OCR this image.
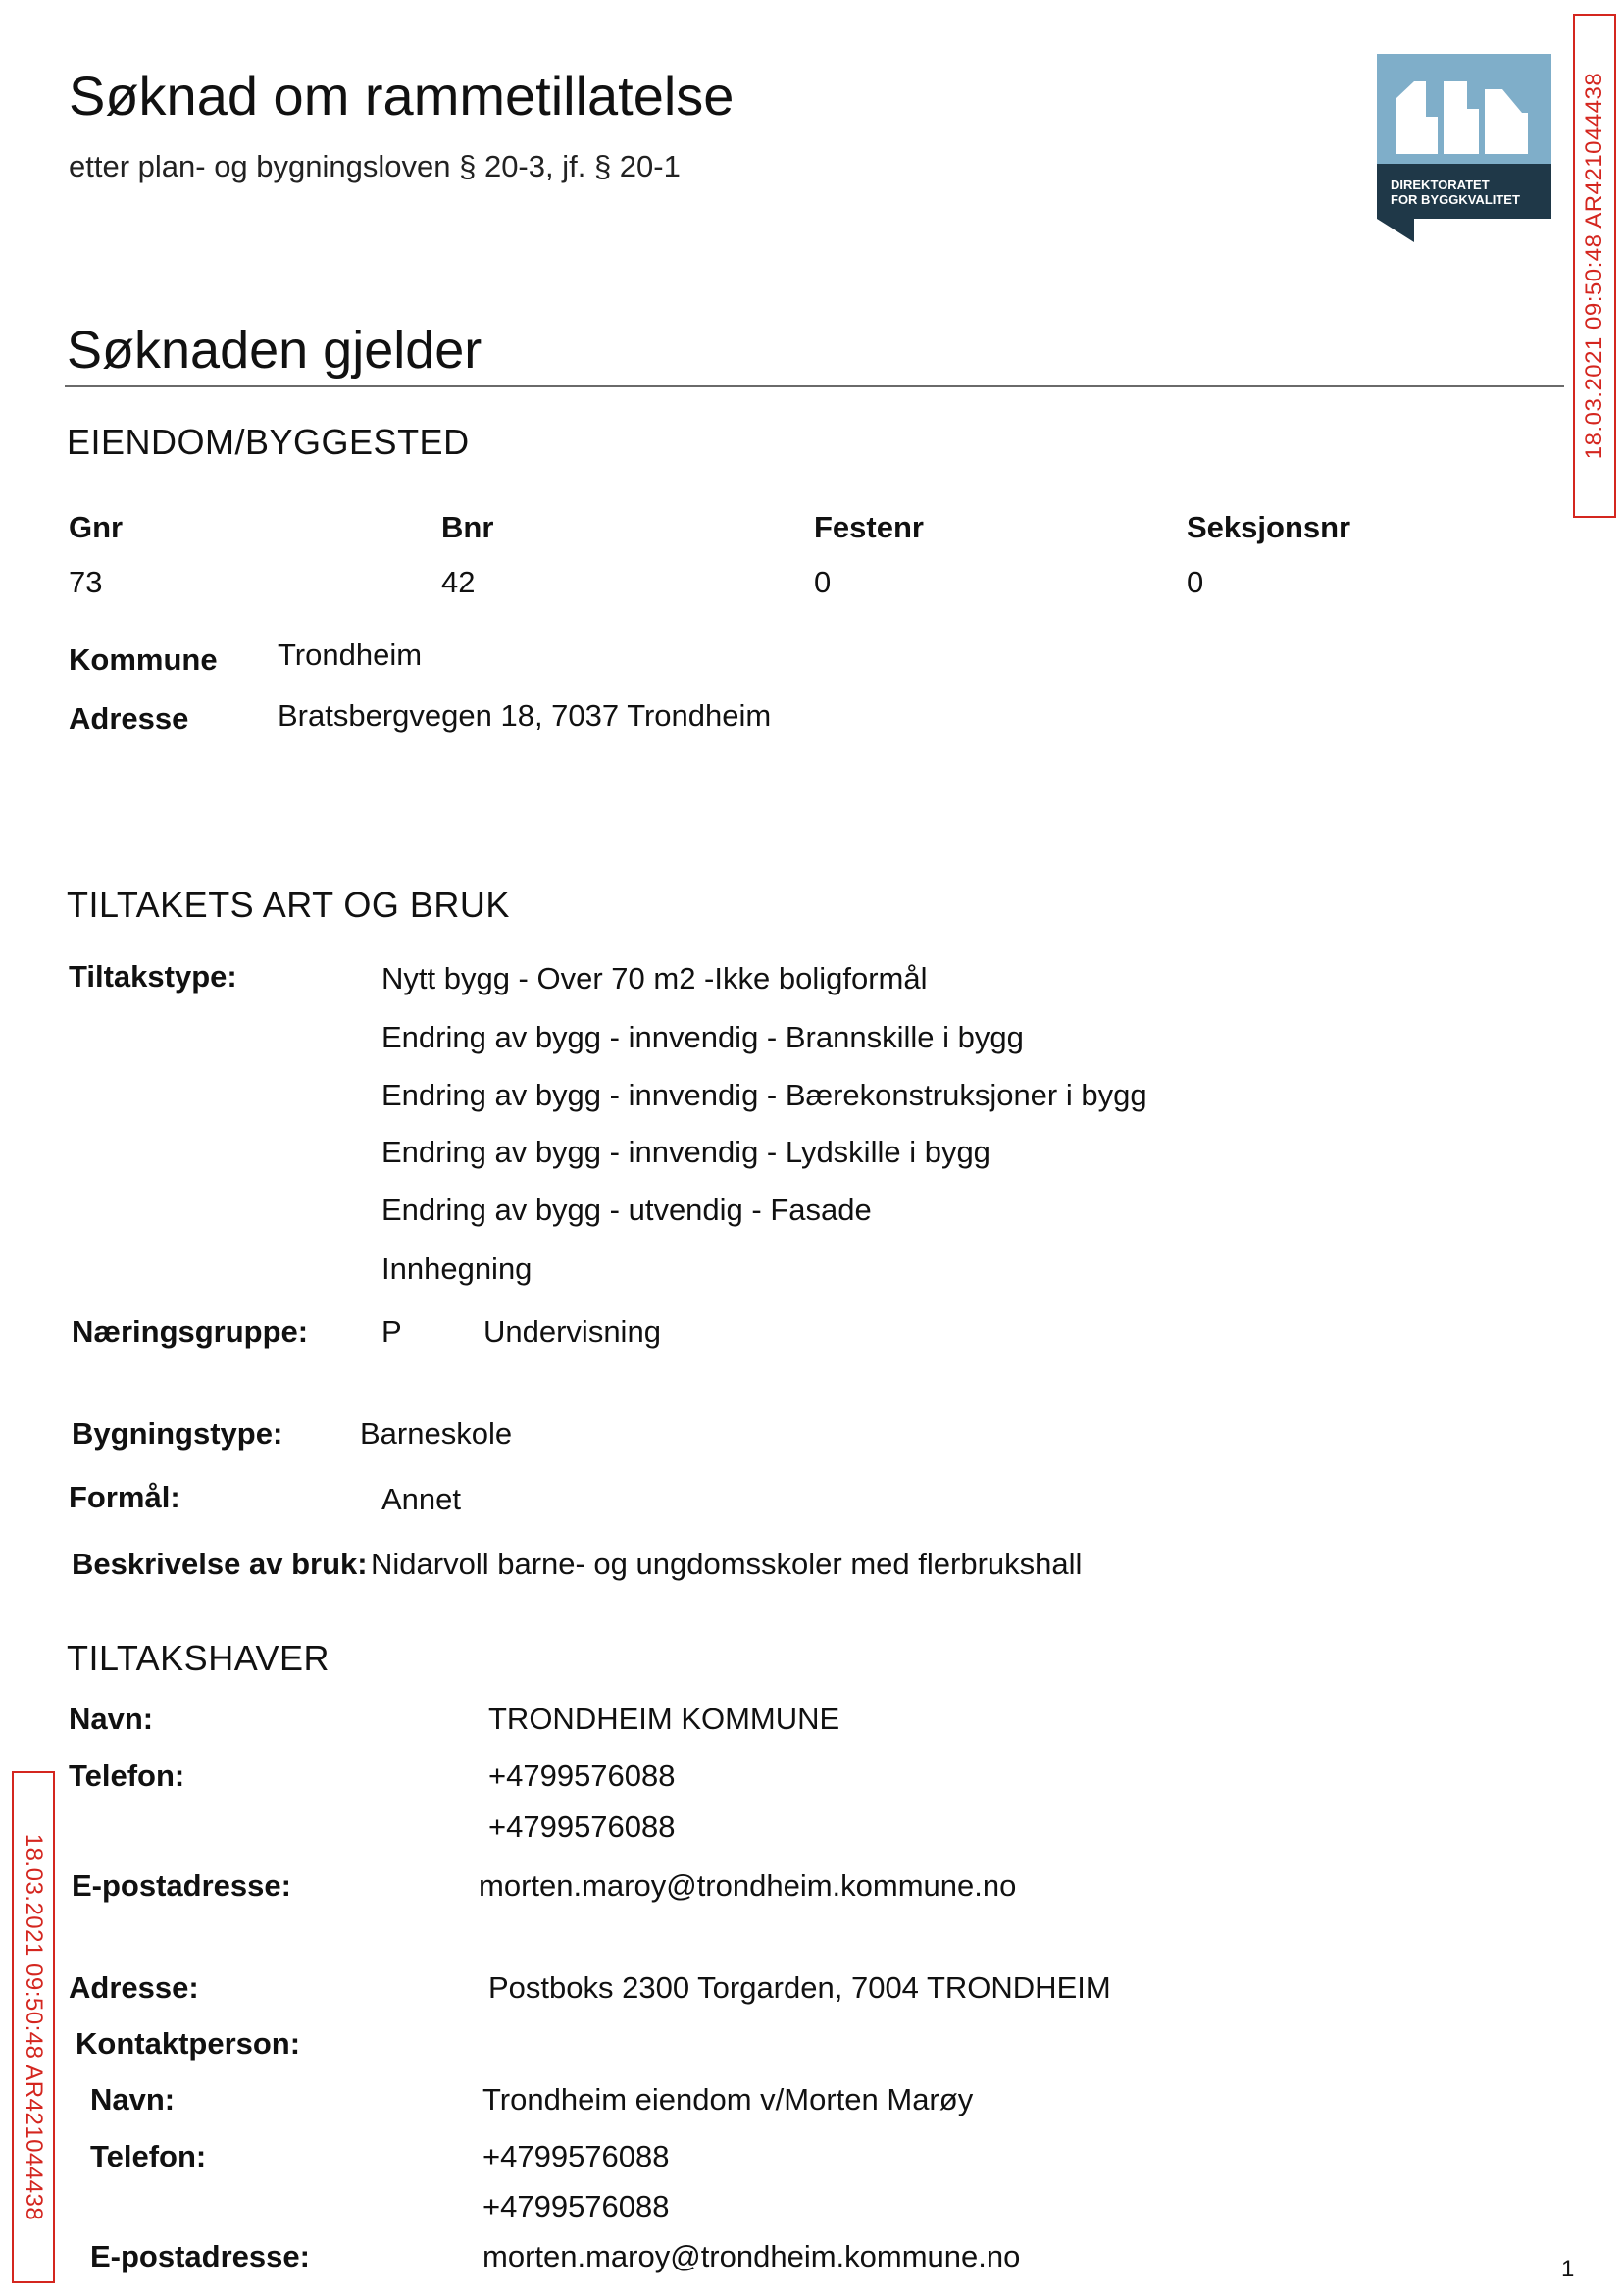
Søknad om rammetillatelse
etter plan- og bygningsloven § 20-3, jf. § 20-1
DIREKTORATET
FOR BYGGKVALITET	18.03.2021 09:50:48 AR421044438
18.03.2021 09:50:48 AR421044438
Søknaden gjelder
EIENDOM/BYGGESTED
Gnr	Bnr	Festenr	Seksjonsnr
73	42	0	0
Kommune Trondheim
Adresse	Bratsbergvegen 18, 7037 Trondheim
TILTAKETS ART OG BRUK
Tiltakstype:	Nytt bygg - Over 70 m2 -Ikke boligformål
Endring av bygg - innvendig - Brannskille i bygg
Endring av bygg - innvendig - Bærekonstruksjoner i bygg
Endring av bygg - innvendig - Lydskille i bygg
Endring av bygg - utvendig - Fasade
Innhegning
Næringsgruppe: P	Undervisning
Bygningstype:	Barneskole
Formål:	Annet
Beskrivelse av bruk: Nidarvoll barne- og ungdomsskoler med flerbrukshall
TILTAKSHAVER
Navn:	TRONDHEIM KOMMUNE
Telefon:	+4799576088
+4799576088
E-postadresse:	morten.maroy@trondheim.kommune.no
Adresse:	Postboks 2300 Torgarden, 7004 TRONDHEIM
Kontaktperson:
Navn:	Trondheim eiendom v/Morten Marøy
Telefon:	+4799576088
+4799576088
E-postadresse:	morten.maroy@trondheim.kommune.no	1
